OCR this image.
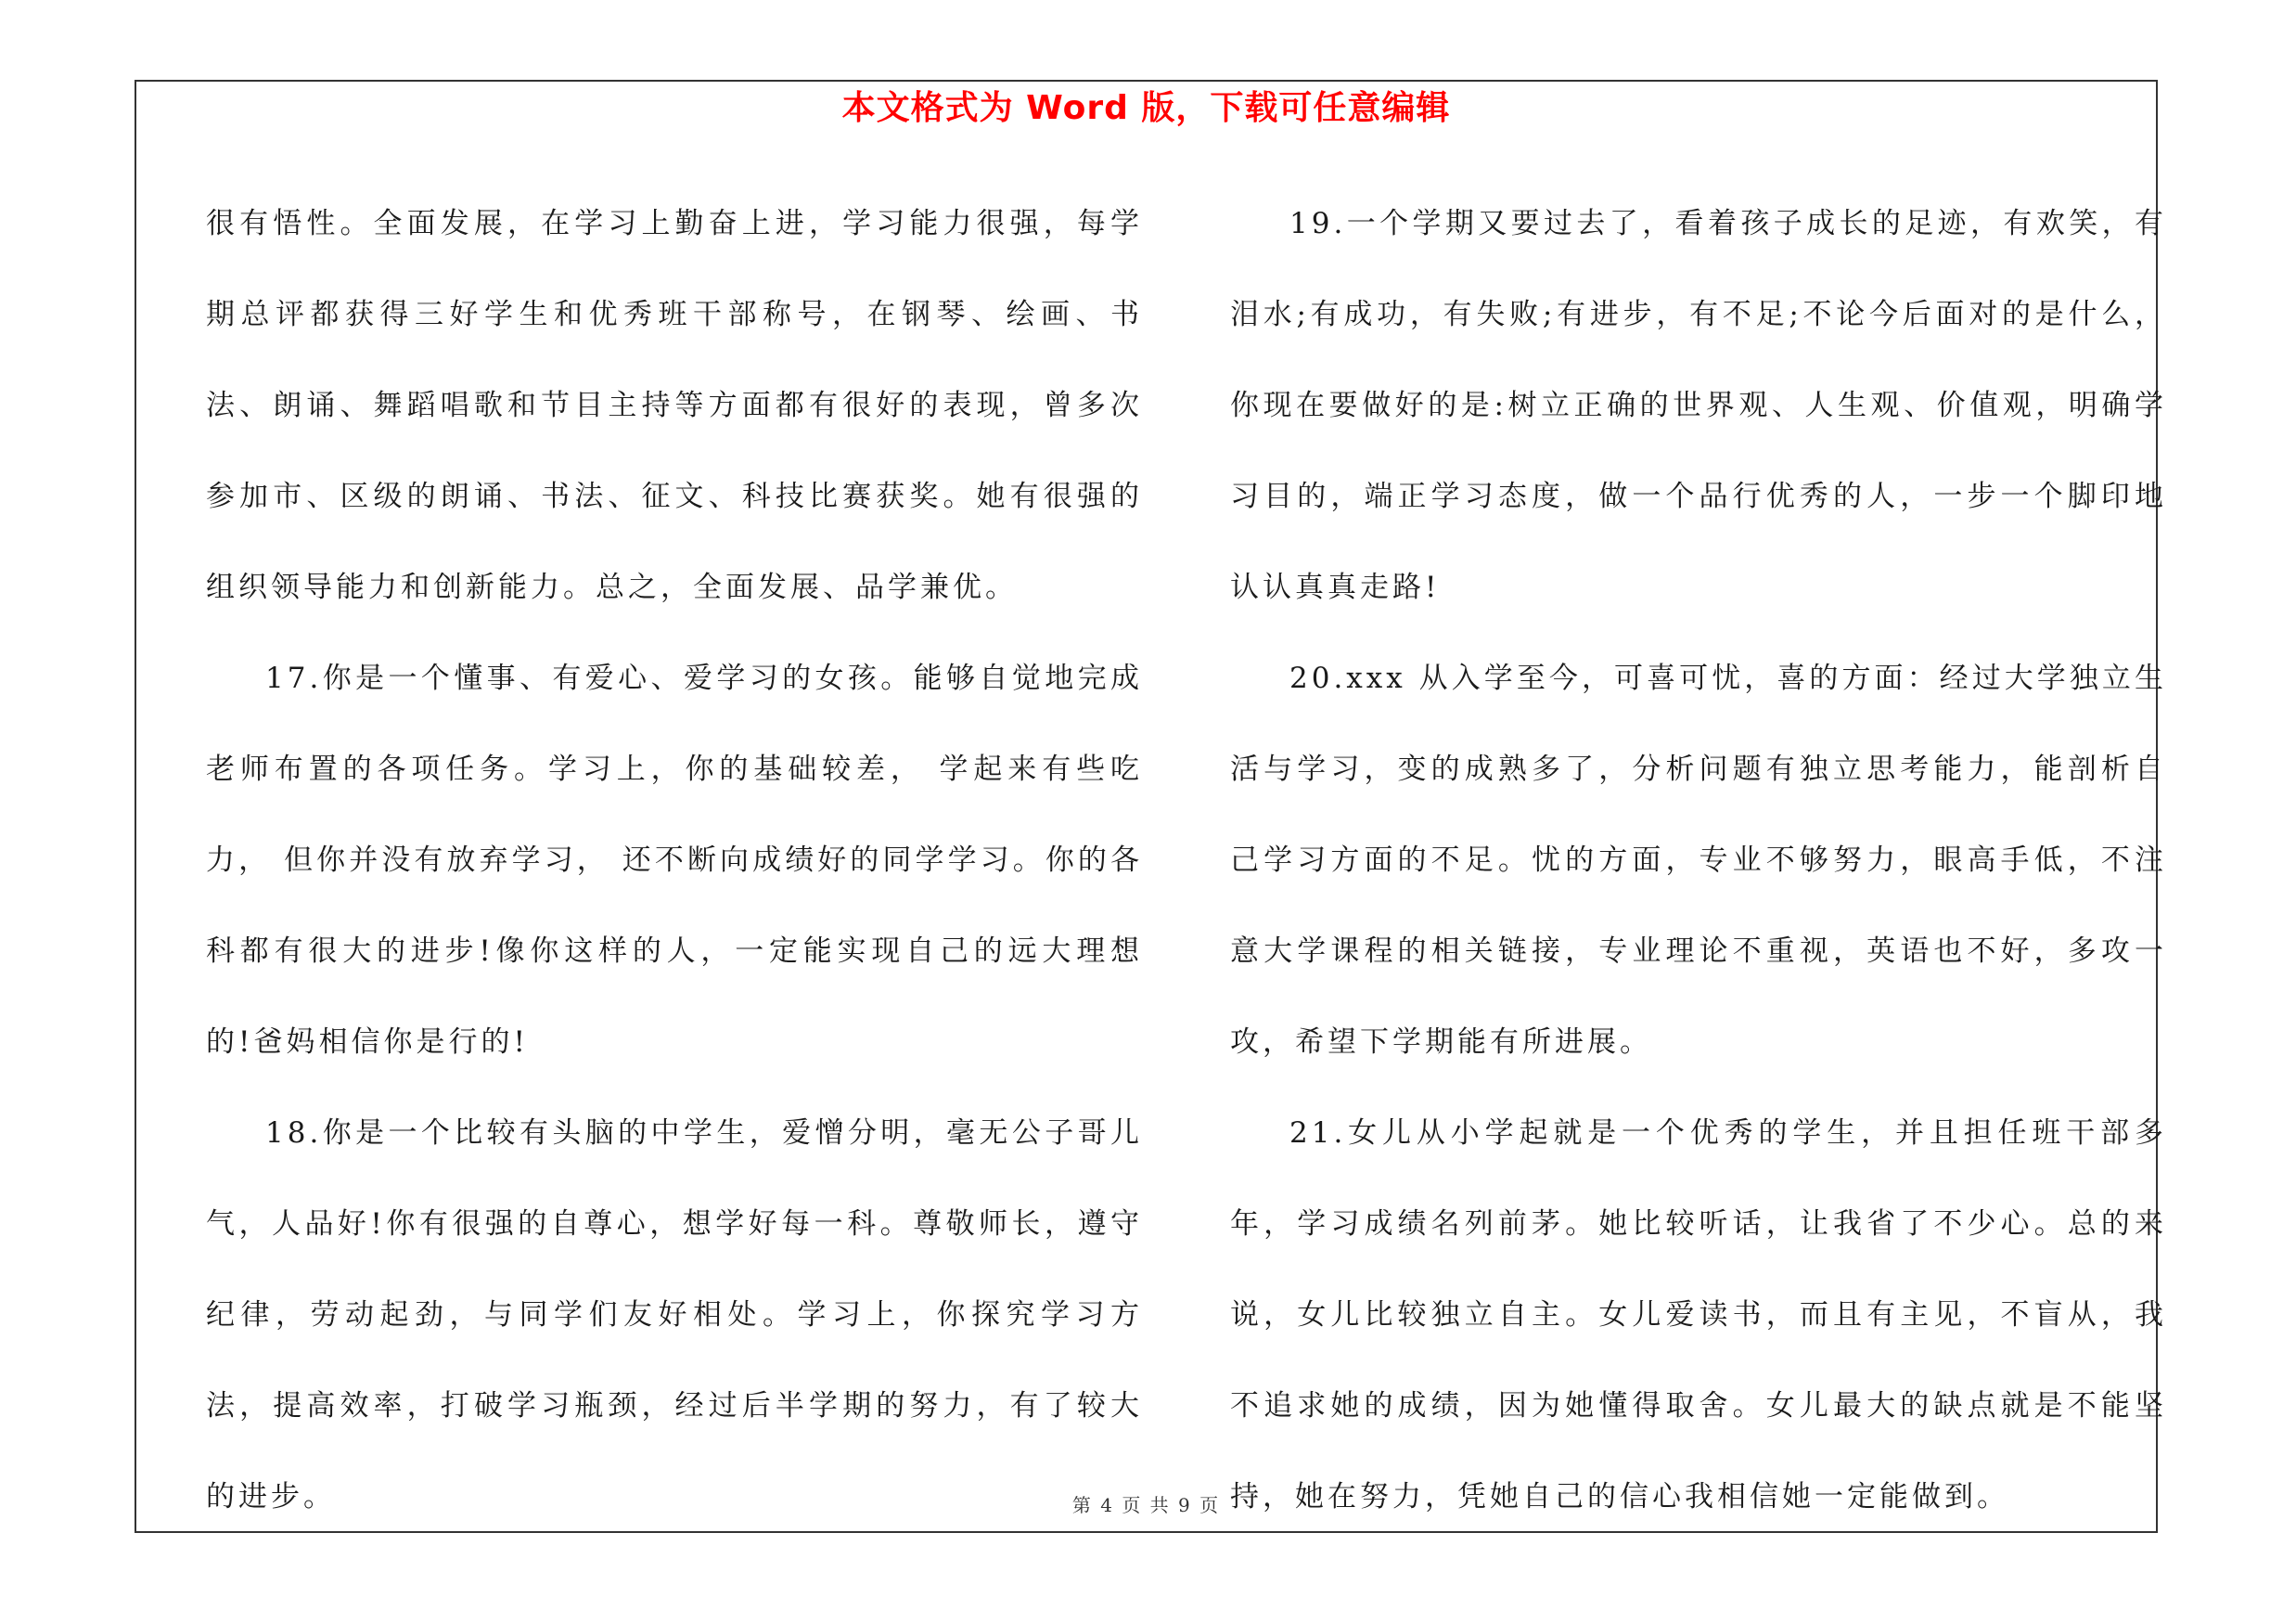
本文格式为 Word 版，下载可任意编辑

很有悟性。全面发展，在学习上勤奋上进，学习能力很强，每学期总评都获得三好学生和优秀班干部称号，在钢琴、绘画、书法、朗诵、舞蹈唱歌和节目主持等方面都有很好的表现，曾多次参加市、区级的朗诵、书法、征文、科技比赛获奖。她有很强的组织领导能力和创新能力。总之，全面发展、品学兼优。

17.你是一个懂事、有爱心、爱学习的女孩。能够自觉地完成老师布置的各项任务。学习上，你的基础较差， 学起来有些吃力， 但你并没有放弃学习， 还不断向成绩好的同学学习。你的各科都有很大的进步!像你这样的人，一定能实现自己的远大理想的!爸妈相信你是行的!

18.你是一个比较有头脑的中学生，爱憎分明，毫无公子哥儿气，人品好!你有很强的自尊心，想学好每一科。尊敬师长，遵守纪律，劳动起劲，与同学们友好相处。学习上，你探究学习方法，提高效率，打破学习瓶颈，经过后半学期的努力，有了较大的进步。

19.一个学期又要过去了，看着孩子成长的足迹，有欢笑，有泪水;有成功，有失败;有进步，有不足;不论今后面对的是什么，你现在要做好的是:树立正确的世界观、人生观、价值观，明确学习目的，端正学习态度，做一个品行优秀的人，一步一个脚印地认认真真走路!

20.xxx 从入学至今，可喜可忧，喜的方面：经过大学独立生活与学习，变的成熟多了，分析问题有独立思考能力，能剖析自己学习方面的不足。忧的方面，专业不够努力，眼高手低，不注意大学课程的相关链接，专业理论不重视，英语也不好，多攻一攻，希望下学期能有所进展。

21.女儿从小学起就是一个优秀的学生，并且担任班干部多年，学习成绩名列前茅。她比较听话，让我省了不少心。总的来说，女儿比较独立自主。女儿爱读书，而且有主见，不盲从，我不追求她的成绩，因为她懂得取舍。女儿最大的缺点就是不能坚持，她在努力，凭她自己的信心我相信她一定能做到。

第 4 页 共 9 页
